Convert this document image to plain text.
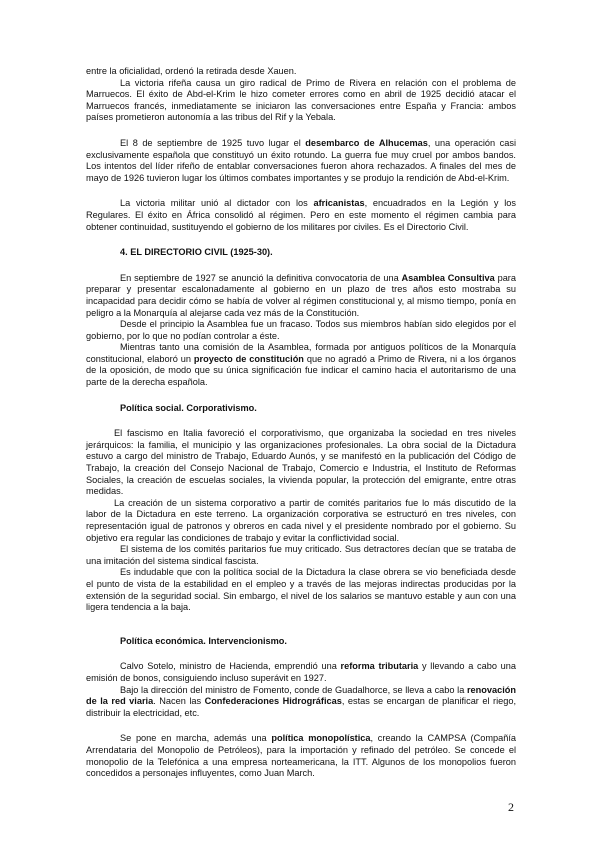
entre la oficialidad, ordenó la retirada desde Xauen.

La victoria rifeña causa un giro radical de Primo de Rivera en relación con el problema de Marruecos. El éxito de Abd-el-Krim le hizo cometer errores como en abril de 1925 decidió atacar el Marruecos francés, inmediatamente se iniciaron las conversaciones entre España y Francia: ambos países prometieron autonomía a las tribus del Rif y la Yebala.

El 8 de septiembre de 1925 tuvo lugar el desembarco de Alhucemas, una operación casi exclusivamente española que constituyó un éxito rotundo. La guerra fue muy cruel por ambos bandos. Los intentos del líder rifeño de entablar conversaciones fueron ahora rechazados. A finales del mes de mayo de 1926 tuvieron lugar los últimos combates importantes y se produjo la rendición de Abd-el-Krim.

La victoria militar unió al dictador con los africanistas, encuadrados en la Legión y los Regulares. El éxito en África consolidó al régimen. Pero en este momento el régimen cambia para obtener continuidad, sustituyendo el gobierno de los militares por civiles. Es el Directorio Civil.

4. EL DIRECTORIO CIVIL (1925-30).

En septiembre de 1927 se anunció la definitiva convocatoria de una Asamblea Consultiva para preparar y presentar escalonadamente al gobierno en un plazo de tres años esto mostraba su incapacidad para decidir cómo se había de volver al régimen constitucional y, al mismo tiempo, ponía en peligro a la Monarquía al alejarse cada vez más de la Constitución.

Desde el principio la Asamblea fue un fracaso. Todos sus miembros habían sido elegidos por el gobierno, por lo que no podían controlar a éste.

Mientras tanto una comisión de la Asamblea, formada por antiguos políticos de la Monarquía constitucional, elaboró un proyecto de constitución que no agradó a Primo de Rivera, ni a los órganos de la oposición, de modo que su única significación fue indicar el camino hacia el autoritarismo de una parte de la derecha española.

Política social. Corporativismo.

El fascismo en Italia favoreció el corporativismo, que organizaba la sociedad en tres niveles jerárquicos: la familia, el municipio y las organizaciones profesionales. La obra social de la Dictadura estuvo a cargo del ministro de Trabajo, Eduardo Aunós, y se manifestó en la publicación del Código de Trabajo, la creación del Consejo Nacional de Trabajo, Comercio e Industria, el Instituto de Reformas Sociales, la creación de escuelas sociales, la vivienda popular, la protección del emigrante, entre otras medidas.

La creación de un sistema corporativo a partir de comités paritarios fue lo más discutido de la labor de la Dictadura en este terreno. La organización corporativa se estructuró en tres niveles, con representación igual de patronos y obreros en cada nivel y el presidente nombrado por el gobierno. Su objetivo era regular las condiciones de trabajo y evitar la conflictividad social.

El sistema de los comités paritarios fue muy criticado. Sus detractores decían que se trataba de una imitación del sistema sindical fascista.

Es indudable que con la política social de la Dictadura la clase obrera se vio beneficiada desde el punto de vista de la estabilidad en el empleo y a través de las mejoras indirectas producidas por la extensión de la seguridad social. Sin embargo, el nivel de los salarios se mantuvo estable y aun con una ligera tendencia a la baja.

Política económica. Intervencionismo.

Calvo Sotelo, ministro de Hacienda, emprendió una reforma tributaria y llevando a cabo una emisión de bonos, consiguiendo incluso superávit en 1927.

Bajo la dirección del ministro de Fomento, conde de Guadalhorce, se lleva a cabo la renovación de la red viaria. Nacen las Confederaciones Hidrográficas, estas se encargan de planificar el riego, distribuir la electricidad, etc.

Se pone en marcha, además una política monopolística, creando la CAMPSA (Compañía Arrendataria del Monopolio de Petróleos), para la importación y refinado del petróleo. Se concede el monopolio de la Telefónica a una empresa norteamericana, la ITT. Algunos de los monopolios fueron concedidos a personajes influyentes, como Juan March.

2
